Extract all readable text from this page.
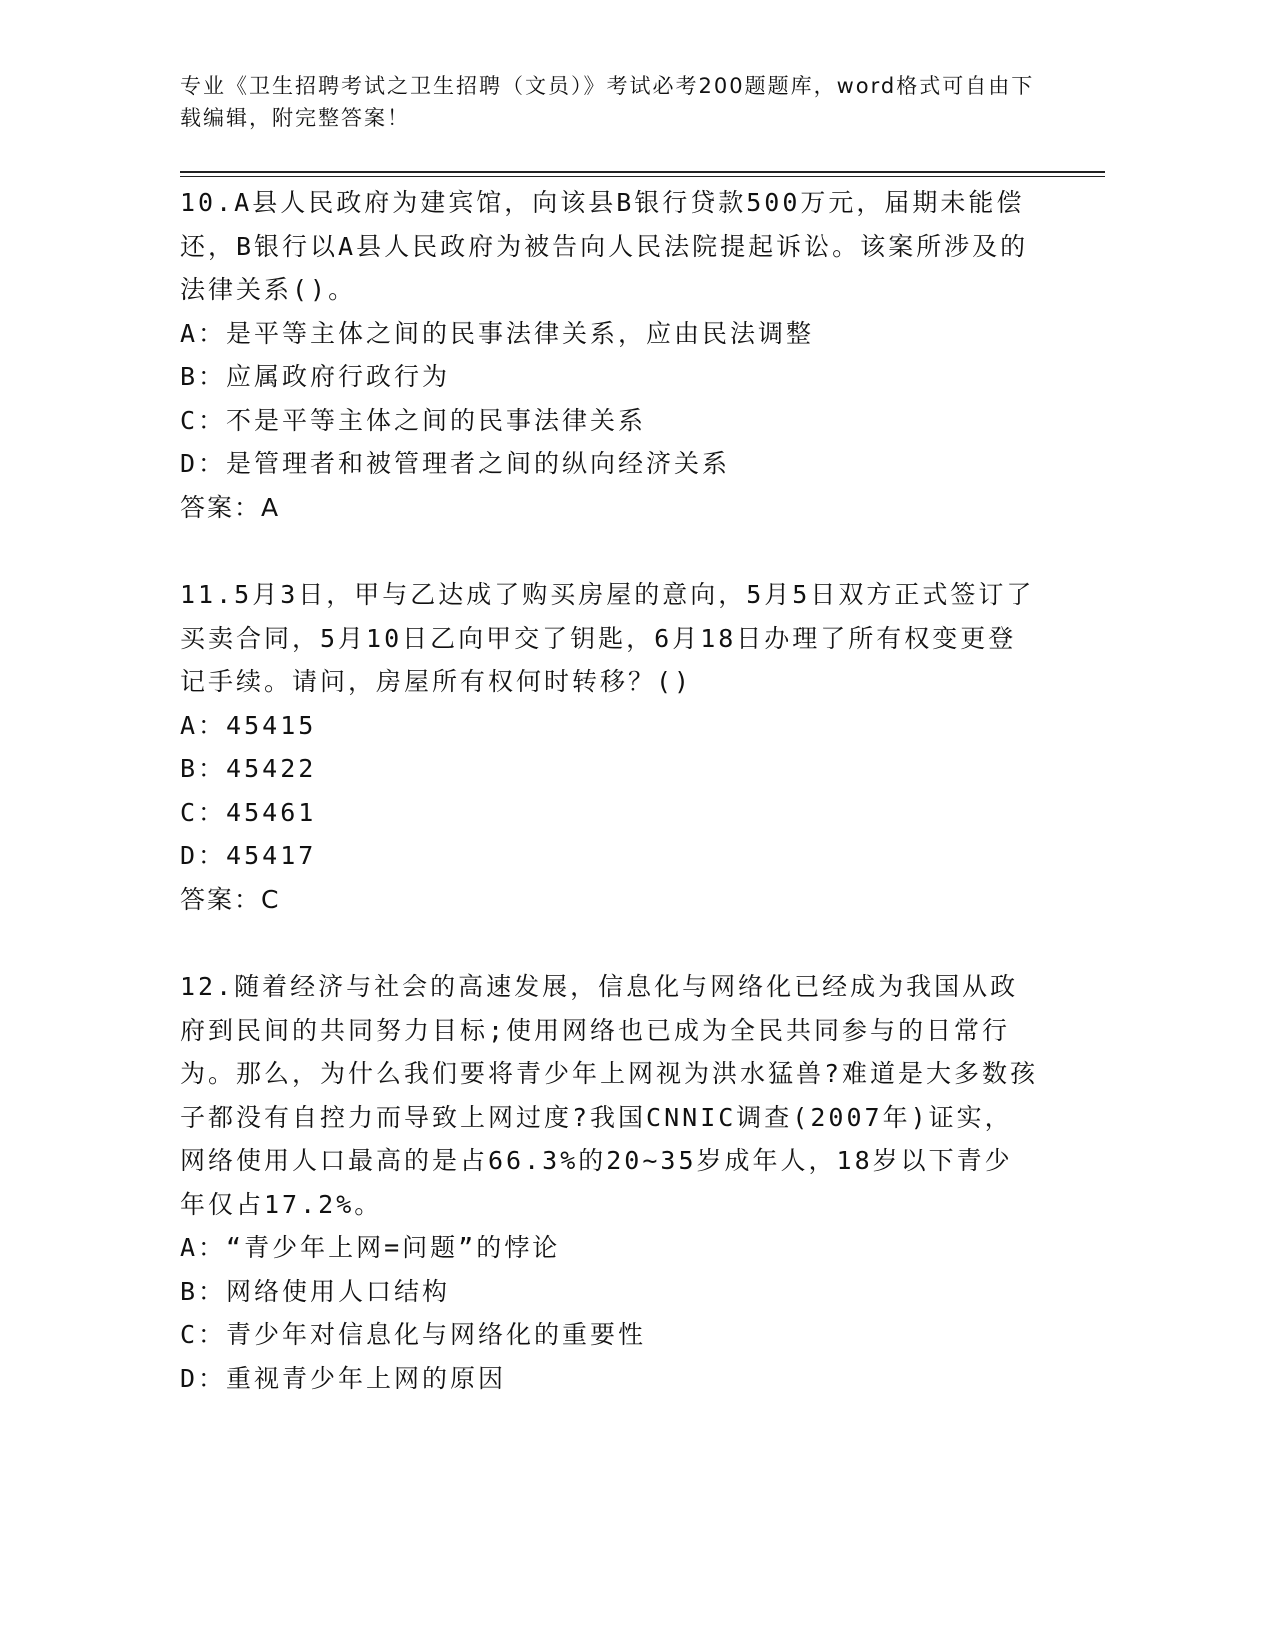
专业《卫生招聘考试之卫生招聘（文员）》考试必考200题题库，word格式可自由下载编辑，附完整答案！
10.A县人民政府为建宾馆，向该县B银行贷款500万元，届期未能偿还，B银行以A县人民政府为被告向人民法院提起诉讼。该案所涉及的法律关系()。
A：是平等主体之间的民事法律关系，应由民法调整
B：应属政府行政行为
C：不是平等主体之间的民事法律关系
D：是管理者和被管理者之间的纵向经济关系
答案：A
11.5月3日，甲与乙达成了购买房屋的意向，5月5日双方正式签订了买卖合同，5月10日乙向甲交了钥匙，6月18日办理了所有权变更登记手续。请问，房屋所有权何时转移？()
A：45415
B：45422
C：45461
D：45417
答案：C
12.随着经济与社会的高速发展，信息化与网络化已经成为我国从政府到民间的共同努力目标;使用网络也已成为全民共同参与的日常行为。那么，为什么我们要将青少年上网视为洪水猛兽?难道是大多数孩子都没有自控力而导致上网过度?我国CNNIC调查(2007年)证实，网络使用人口最高的是占66.3%的20~35岁成年人，18岁以下青少年仅占17.2%。
A：“青少年上网=问题”的悖论
B：网络使用人口结构
C：青少年对信息化与网络化的重要性
D：重视青少年上网的原因
